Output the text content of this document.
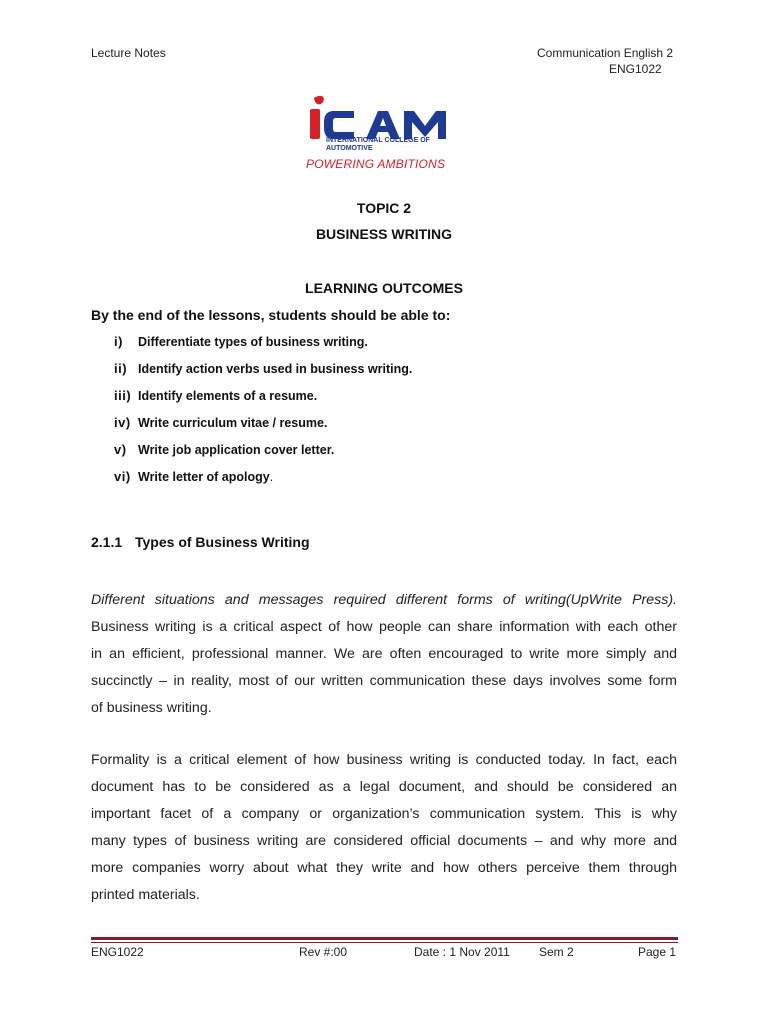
Lecture Notes	Communication English 2
ENG1022
INTERNATIONAL COLLEGE OF
AUTOMOTIVE
POWERING AMBITIONS
TOPIC 2
BUSINESS WRITING
LEARNING OUTCOMES
By the end of the lessons, students should be able to:
i) Differentiate types of business writing.
ii) Identify action verbs used in business writing.
iii) Identify elements of a resume.
iv) Write curriculum vitae / resume.
v) Write job application cover letter.
vi) Write letter of apology.
2.1.1 Types of Business Writing
Different situations and messages required different forms of writing(UpWrite Press).
Business writing is a critical aspect of how people can share information with each other
in an efficient, professional manner. We are often encouraged to write more simply and
succinctly – in reality, most of our written communication these days involves some form
of business writing.
Formality is a critical element of how business writing is conducted today. In fact, each
document has to be considered as a legal document, and should be considered an
important facet of a company or organization’s communication system. This is why
many types of business writing are considered official documents – and why more and
more companies worry about what they write and how others perceive them through
printed materials.
ENG1022	Rev #:00	Date : 1 Nov 2011 Sem 2	Page 1
